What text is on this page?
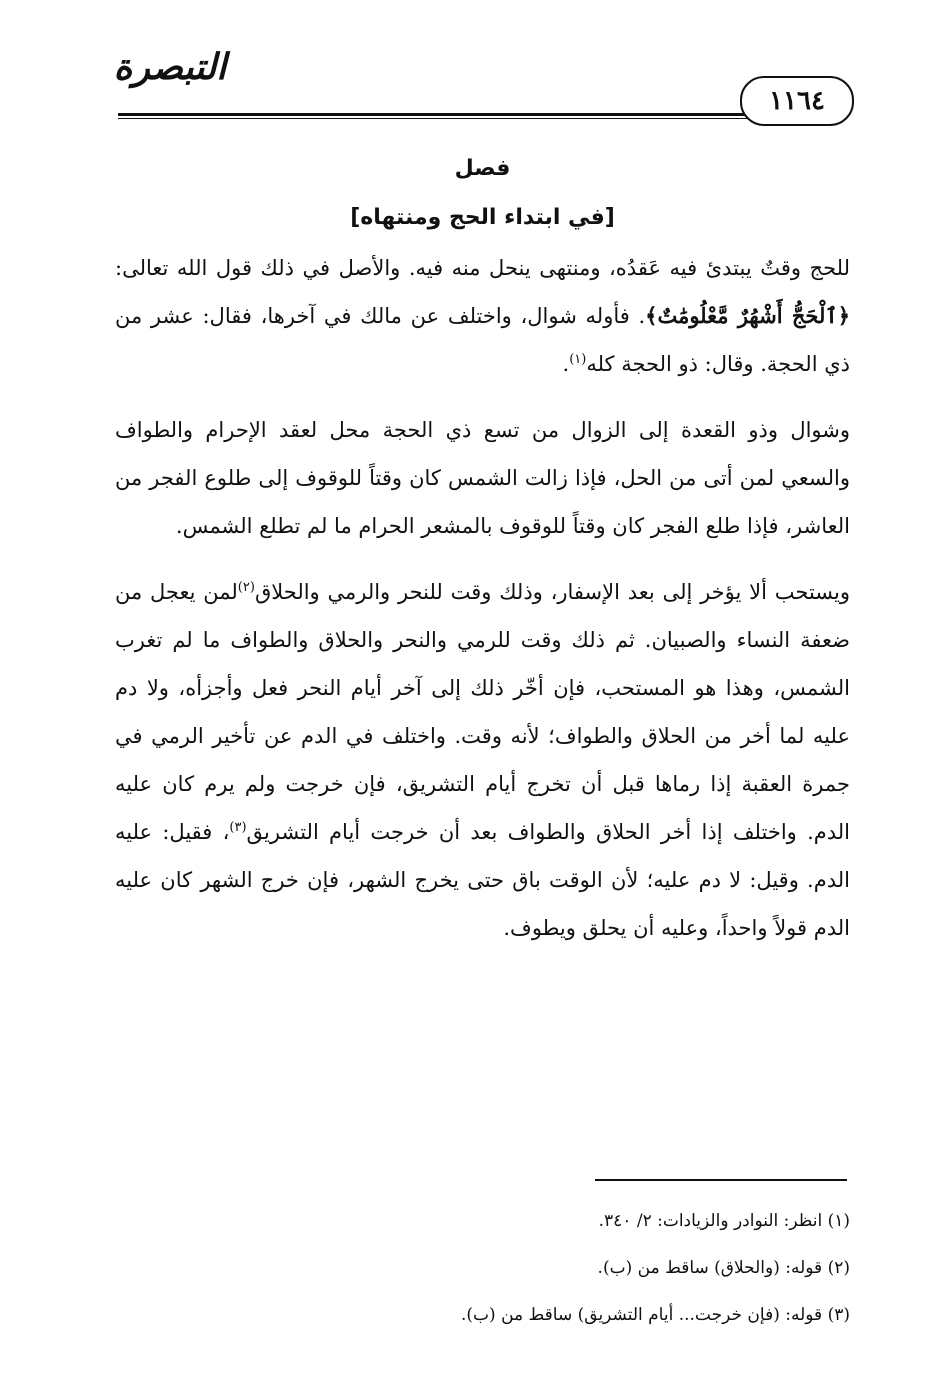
التبصرة
١١٦٤
فصل
[في ابتداء الحج ومنتهاه]

للحج وقتٌ يبتدئ فيه عَقدُه، ومنتهى ينحل منه فيه. والأصل في ذلك قول الله تعالى: ﴿ٱلْحَجُّ أَشْهُرٌ مَّعْلُومَٰتٌ﴾. فأوله شوال، واختلف عن مالك في آخرها، فقال: عشر من ذي الحجة. وقال: ذو الحجة كله$^{(١)}$.

وشوال وذو القعدة إلى الزوال من تسع ذي الحجة محل لعقد الإحرام والطواف والسعي لمن أتى من الحل، فإذا زالت الشمس كان وقتاً للوقوف إلى طلوع الفجر من العاشر، فإذا طلع الفجر كان وقتاً للوقوف بالمشعر الحرام ما لم تطلع الشمس.

ويستحب ألا يؤخر إلى بعد الإسفار، وذلك وقت للنحر والرمي والحلاق$^{(٢)}$لمن يعجل من ضعفة النساء والصبيان. ثم ذلك وقت للرمي والنحر والحلاق والطواف ما لم تغرب الشمس، وهذا هو المستحب، فإن أخّر ذلك إلى آخر أيام النحر فعل وأجزأه، ولا دم عليه لما أخر من الحلاق والطواف؛ لأنه وقت. واختلف في الدم عن تأخير الرمي في جمرة العقبة إذا رماها قبل أن تخرج أيام التشريق، فإن خرجت ولم يرم كان عليه الدم. واختلف إذا أخر الحلاق والطواف بعد أن خرجت أيام التشريق$^{(٣)}$، فقيل: عليه الدم. وقيل: لا دم عليه؛ لأن الوقت باق حتى يخرج الشهر، فإن خرج الشهر كان عليه الدم قولاً واحداً، وعليه أن يحلق ويطوف.

(١) انظر: النوادر والزيادات: ٢/ ٣٤٠.

(٢) قوله: (والحلاق) ساقط من (ب).

(٣) قوله: (فإن خرجت... أيام التشريق) ساقط من (ب).
